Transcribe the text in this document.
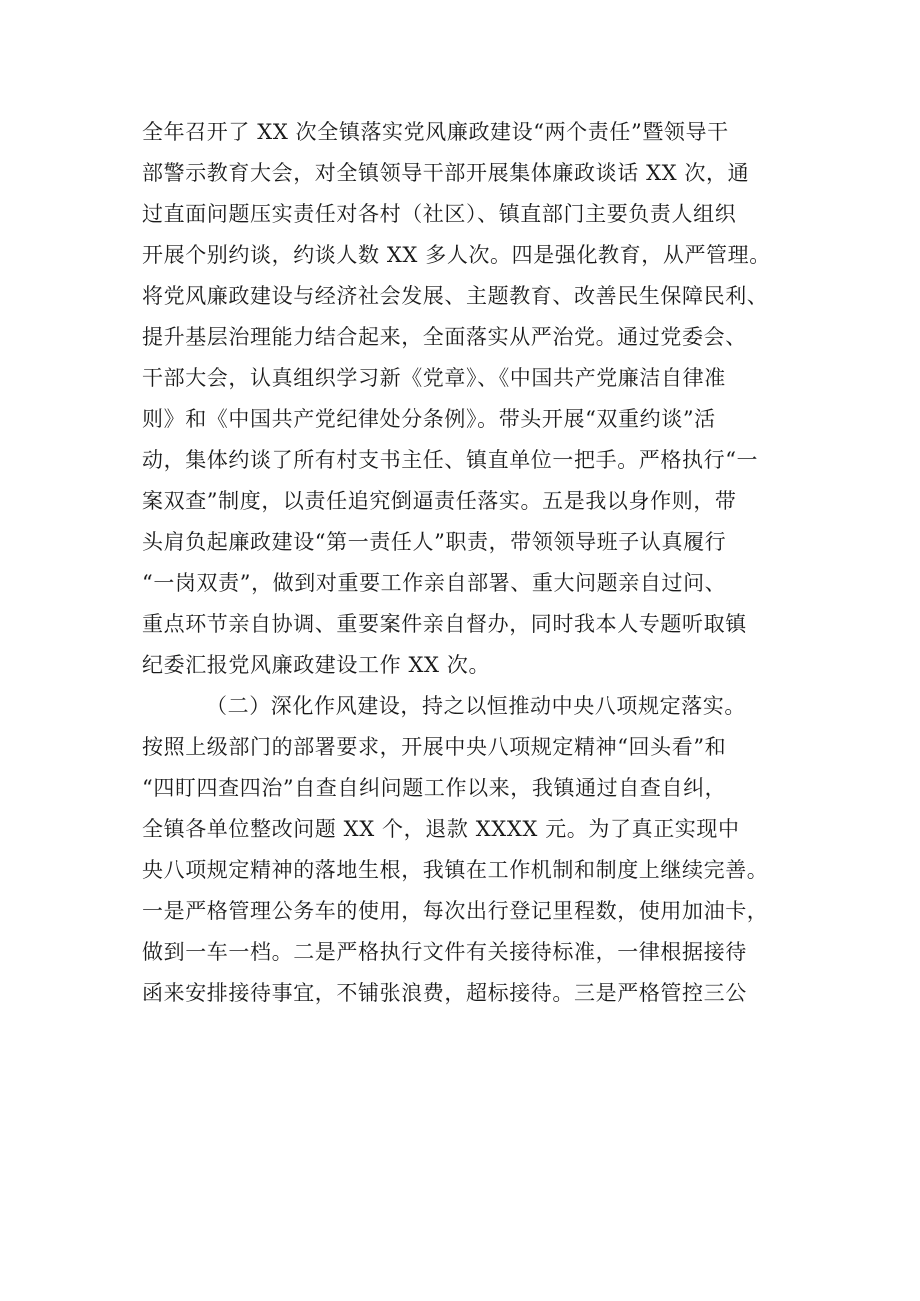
全年召开了 XX 次全镇落实党风廉政建设“两个责任”暨领导干
部警示教育大会，对全镇领导干部开展集体廉政谈话 XX 次，通
过直面问题压实责任对各村（社区）、镇直部门主要负责人组织
开展个别约谈，约谈人数 XX 多人次。四是强化教育，从严管理。
将党风廉政建设与经济社会发展、主题教育、改善民生保障民利、
提升基层治理能力结合起来，全面落实从严治党。通过党委会、
干部大会，认真组织学习新《党章》、《中国共产党廉洁自律准
则》和《中国共产党纪律处分条例》。带头开展“双重约谈”活
动，集体约谈了所有村支书主任、镇直单位一把手。严格执行“一
案双查”制度，以责任追究倒逼责任落实。五是我以身作则，带
头肩负起廉政建设“第一责任人”职责，带领领导班子认真履行
“一岗双责”，做到对重要工作亲自部署、重大问题亲自过问、
重点环节亲自协调、重要案件亲自督办，同时我本人专题听取镇
纪委汇报党风廉政建设工作 XX 次。
（二）深化作风建设，持之以恒推动中央八项规定落实。
按照上级部门的部署要求，开展中央八项规定精神“回头看”和
“四盯四查四治”自查自纠问题工作以来，我镇通过自查自纠，
全镇各单位整改问题 XX 个，退款 XXXX 元。为了真正实现中
央八项规定精神的落地生根，我镇在工作机制和制度上继续完善。
一是严格管理公务车的使用，每次出行登记里程数，使用加油卡，
做到一车一档。二是严格执行文件有关接待标准，一律根据接待
函来安排接待事宜，不铺张浪费，超标接待。三是严格管控三公
